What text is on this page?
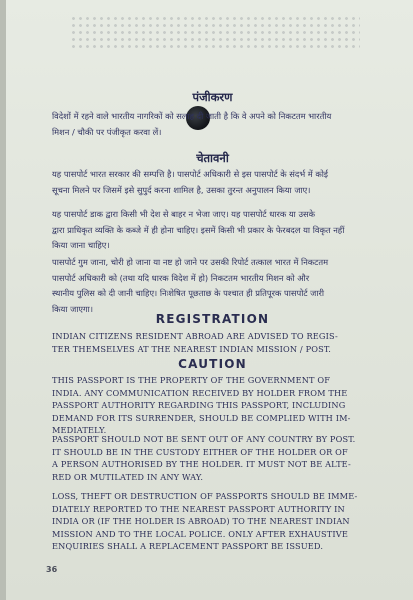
पंजीकरण
विदेशों में रहने वाले भारतीय नागरिकों को सलाह दी जाती है कि वे अपने को निकटतम भारतीय
मिशन / चौकी पर पंजीकृत करवा लें।
चेतावनी
यह पासपोर्ट भारत सरकार की सम्पत्ति है। पासपोर्ट अधिकारी से इस पासपोर्ट के संदर्भ में कोई
सूचना मिलने पर जिसमें इसे सुपुर्द करना शामिल है, उसका तुरन्त अनुपालन किया जाए।
यह पासपोर्ट डाक द्वारा किसी भी देश से बाहर न भेजा जाए। यह पासपोर्ट धारक या उसके
द्वारा प्राधिकृत व्यक्ति के कब्जे में ही होना चाहिए। इसमें किसी भी प्रकार के फेरबदल या विकृत नहीं
किया जाना चाहिए।
पासपोर्ट गुम जाना, चोरी हो जाना या नष्ट हो जाने पर उसकी रिपोर्ट तत्काल भारत में निकटतम
पासपोर्ट अधिकारी को (तथा यदि धारक विदेश में हो) निकटतम भारतीय मिशन को और
स्थानीय पुलिस को दी जानी चाहिए। निःशेषित पूछताछ के पश्चात ही प्रतिपूरक पासपोर्ट जारी
किया जाएगा।
REGISTRATION
INDIAN CITIZENS RESIDENT ABROAD ARE ADVISED TO REGIS-
TER THEMSELVES AT THE NEAREST INDIAN MISSION / POST.
CAUTION
THIS PASSPORT IS THE PROPERTY OF THE GOVERNMENT OF
INDIA. ANY COMMUNICATION RECEIVED BY HOLDER FROM THE
PASSPORT AUTHORITY REGARDING THIS PASSPORT, INCLUDING
DEMAND FOR ITS SURRENDER, SHOULD BE COMPLIED WITH IM-
MEDIATELY.
PASSPORT SHOULD NOT BE SENT OUT OF ANY COUNTRY BY POST.
IT SHOULD BE IN THE CUSTODY EITHER OF THE HOLDER OR OF
A PERSON AUTHORISED BY THE HOLDER. IT MUST NOT BE ALTE-
RED OR MUTILATED IN ANY WAY.
LOSS, THEFT OR DESTRUCTION OF PASSPORTS SHOULD BE IMME-
DIATELY REPORTED TO THE NEAREST PASSPORT AUTHORITY IN
INDIA OR (IF THE HOLDER IS ABROAD) TO THE NEAREST INDIAN
MISSION AND TO THE LOCAL POLICE. ONLY AFTER EXHAUSTIVE
ENQUIRIES SHALL A REPLACEMENT PASSPORT BE ISSUED.
36
